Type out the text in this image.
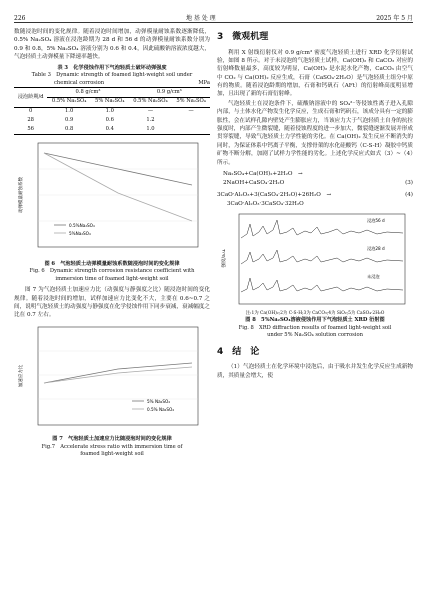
226	地 基 处 理	2025 年 5 月

数随浸泡时间的变化规律。随着浸泡时间增加，动弹模量耐蚀系数逐渐降低，0.5% Na₂SO₄ 溶液在浸泡龄期为 28 d 和 56 d 的动弹模量耐蚀系数分别为 0.9 和 0.8，5% Na₂SO₄ 溶液分别为 0.6 和 0.4，因此硫酸钠溶液浓度越大，气泡轻质土动弹模量下降速率越快。

表 3　化学侵蚀作用下气泡轻质土破坏动弹强度
Table 3　Dynamic strength of foamed light-weight soil under
chemical corrosion	MPa
浸泡龄期/d	0.8 g/cm³		0.9 g/cm³	
	0.5% Na₂SO₄	5% Na₂SO₄	0.5% Na₂SO₄	5% Na₂SO₄
0	1.0	1.0	—	—
28	0.9	0.6	1.2	
56	0.8	0.4	1.0	
动弹模量耐蚀系数
0.5%Na₂SO₄
5%Na₂SO₄
图 6　气泡轻质土动弹模量耐蚀系数随浸泡时间的变化规律
Fig. 6　Dynamic strength corrosion resistance coefficient with
immersion time of foamed light-weight soil

图 7 为气泡轻质土加速应力比（动强度与静强度之比）随浸泡时间的变化规律。随着浸泡时间的增加，试样加速应力比变化不大，主要在 0.6~0.7 之间，说明气泡轻质土的动强度与静强度在化学侵蚀作用下同步衰减，衰减幅度之比在 0.7 左右。

加速应力比
5% Na₂SO₄
0.5% Na₂SO₄
图 7　气泡轻质土加速应力比随浸泡时间的变化规律
Fig.7　Accelerate stress ratio with immersion time of
foamed light-weight soil
3　微观机理

利用 X 射线衍射仪对 0.9 g/cm³ 密度气泡轻质土进行 XRD 化学衍射试验，如图 8 所示。对于未浸泡的气泡轻质土试样，Ca(OH)₂ 和 CaCO₃ 对应的衍射峰数量最多，高度较为明显，Ca(OH)₂ 是水泥水化产物，CaCO₃ 由空气中 CO₂ 与 Ca(OH)₂ 反应生成，石膏（CaSO₄·2H₂O）是气泡轻质土组分中原有的物质。随着浸泡龄期的增加，石膏和钙矾石（AFt）的衍射峰高度明显增加，且出现了新的石膏衍射峰。

气泡轻质土在浸泡条件下，硫酸钠溶液中的 SO₄²⁻等侵蚀性离子进入孔隙内部，与土体水化产物发生化学反应，生成石膏和钙矾石，该成分具有一定的膨胀性，会在试样孔隙内壁处产生膨胀应力，当该应力大于气泡轻质土自身的抗拉强度时，内部产生微裂缝，随着侵蚀程度的进一步加大，微裂缝逐渐发展并形成贯穿裂缝，导致气泡轻质土力学性能的劣化。在 Ca(OH)₂ 发生反应不断消失的同时，为保证体系中钙离子平衡，支撑骨架的水化硅酸钙（C-S-H）凝胶中钙质矿物不断分解，加剧了试样力学性能的劣化。上述化学反应式如式（3）~（4）所示。

Na₂SO₄+Ca(OH)₂+2H₂O　→
2NaOH+CaSO₄·2H₂O	(3)
3CaO·Al₂O₃+3(CaSO₄·2H₂O)+26H₂O　→	(4)
3CaO·Al₂O₃·3CaSO₄·32H₂O
强度/a.u.
浸泡56 d
浸泡28 d
未浸泡
注:1为 Ca(OH)₂;2为 C-S-H;3为 CaCO₃;4为 SiO₂;5为 CaSO₄·2H₂O
图 8　5%Na₂SO₄溶液侵蚀作用下气泡轻质土 XRD 衍射图
Fig. 8　XRD diffraction results of foamed light-weight soil
under 5% Na₂SO₄ solution corrosion
4　结　论

（1）气泡轻质土在化学环境中浸泡后，由于吸水并发生化学反应生成新物质，其质量会增大，使
